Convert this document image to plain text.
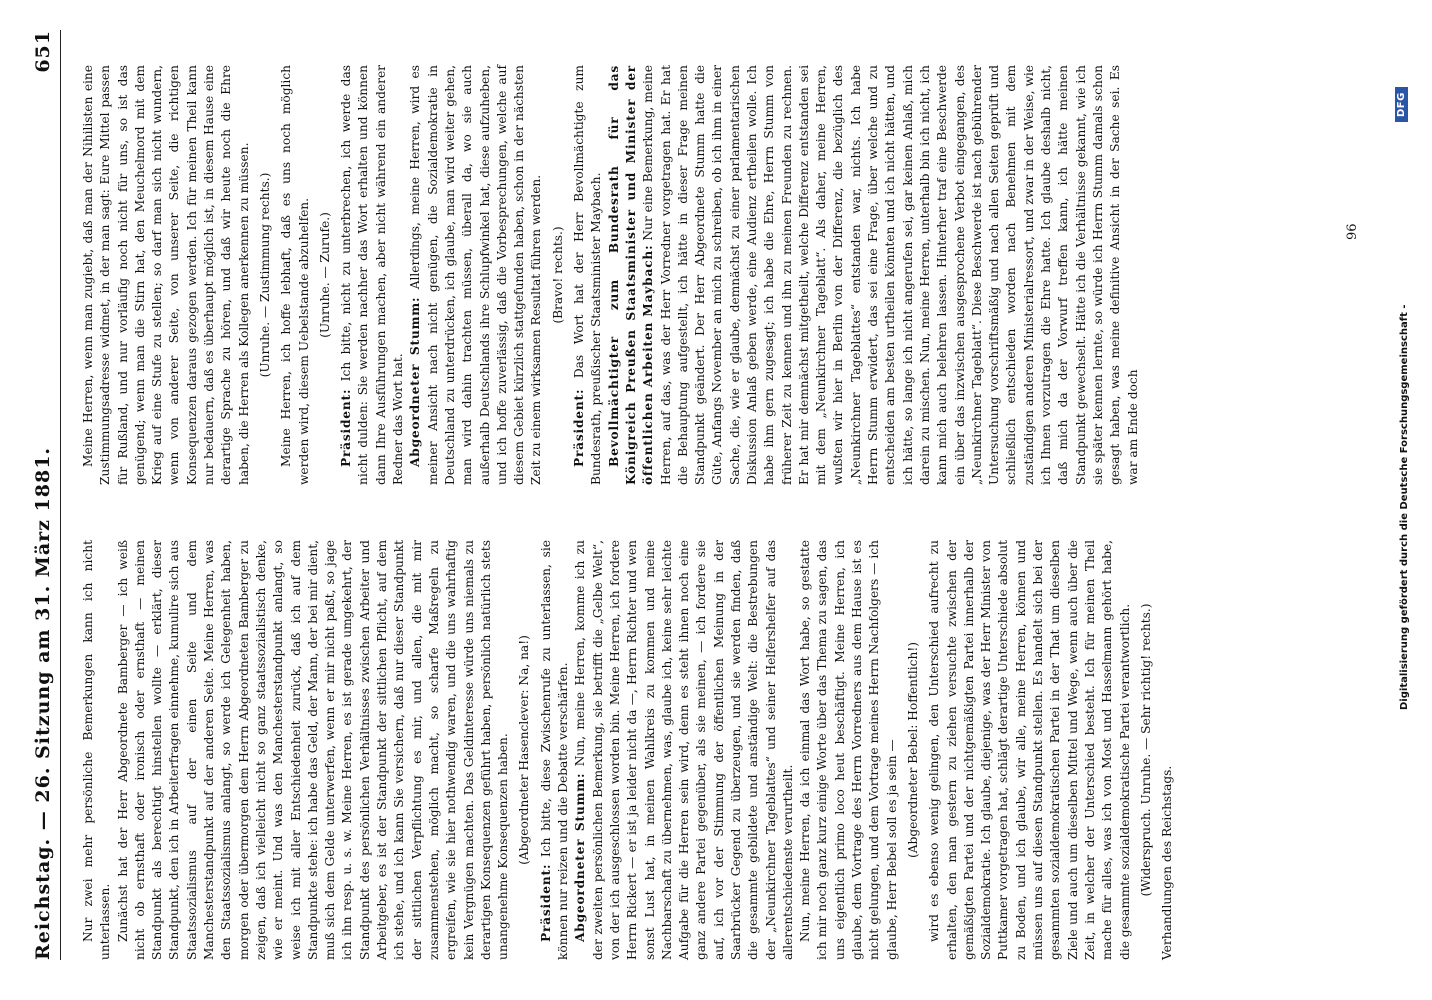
Reichstag. — 26. Sitzung am 31. März 1881.
651

Nur zwei mehr persönliche Bemerkungen kann ich nicht unterlassen. Zunächst hat der Herr Abgeordnete Bamberger — ich weiß nicht ob ernsthaft oder ironisch oder ernsthaft — meinen Standpunkt als berechtigt hinstellen wollte — erklärt, dieser Standpunkt, den ich in Arbeiterfragen einnehme, kumulire sich aus Staatssozialismus auf der einen Seite und dem Manchesterstandpunkt auf der anderen Seite. Meine Herren, was den Staatssozialismus anlangt, so werde ich Gelegenheit haben, morgen oder übermorgen dem Herrn Abgeordneten Bamberger zu zeigen, daß ich vielleicht nicht so ganz staatssozialistisch denke, wie er meint. Und was den Manchesterstandpunkt anlangt, so weise ich mit aller Entschiedenheit zurück, daß ich auf dem Standpunkte stehe: ich habe das Geld, der Mann, der bei mir dient, muß sich dem Gelde unterwerfen, wenn er mir nicht paßt, so jage ich ihn resp. u. s. w. Meine Herren, es ist gerade umgekehrt, der Standpunkt des persönlichen Verhältnisses zwischen Arbeiter und Arbeitgeber, es ist der Standpunkt der sittlichen Pflicht, auf dem ich stehe, und ich kann Sie versichern, daß nur dieser Standpunkt der sittlichen Verpflichtung es mir, und allen, die mit mir zusammenstehen, möglich macht, so scharfe Maßregeln zu ergreifen, wie sie hier nothwendig waren, und die uns wahrhaftig kein Vergnügen machten. Das Geldinteresse würde uns niemals zu derartigen Konsequenzen geführt haben, persönlich natürlich stets unangenehme Konsequenzen haben. (Abgeordneter Hasenclever: Na, na!)

Präsident: Ich bitte, diese Zwischenrufe zu unterlassen, sie können nur reizen und die Debatte verschärfen. Abgeordneter Stumm: Nun, meine Herren, komme ich zu der zweiten persönlichen Bemerkung, sie betrifft die „Gelbe Welt“, von der ich ausgeschlossen worden bin. Meine Herren, ich fordere Herrn Rickert — er ist ja leider nicht da —, Herrn Richter und wen sonst Lust hat, in meinen Wahlkreis zu kommen und meine Nachbarschaft zu übernehmen, was, glaube ich, keine sehr leichte Aufgabe für die Herren sein wird, denn es steht ihnen noch eine ganz andere Partei gegenüber, als sie meinen, — ich fordere sie auf, ich vor der Stimmung der öffentlichen Meinung in der Saarbrücker Gegend zu überzeugen, und sie werden finden, daß die gesammte gebildete und anständige Welt: die Bestrebungen der „Neunkirchner Tageblattes“ und seiner Helfershelfer auf das allerentschiedenste verurtheilt. Nun, meine Herren, da ich einmal das Wort habe, so gestatte ich mir noch ganz kurz einige Worte über das Thema zu sagen, das uns eigentlich primo loco heut beschäftigt. Meine Herren, ich glaube, dem Vortrage des Herrn Vorredners aus dem Hause ist es nicht gelungen, und dem Vortrage meines Herrn Nachfolgers — ich glaube, Herr Bebel soll es ja sein — (Abgeordneter Bebel: Hoffentlich!) wird es ebenso wenig gelingen, den Unterschied aufrecht zu erhalten, den man gestern zu ziehen versuchte zwischen der gemäßigten Partei und der nichtgemäßigten Partei innerhalb der Sozialdemokratie. Ich glaube, diejenige, was der Herr Minister von Puttkamer vorgetragen hat, schlägt derartige Unterschiede absolut zu Boden, und ich glaube, wir alle, meine Herren, können und müssen uns auf diesen Standpunkt stellen. Es handelt sich bei der gesammten sozialdemokratischen Partei in der That um dieselben Ziele und auch um dieselben Mittel und Wege, wenn auch über die Zeit, in welcher der Unterschied besteht. Ich für meinen Theil mache für alles, was ich von Most und Hasselmann gehört habe, die gesammte sozialdemokratische Partei verantwortlich. (Widerspruch. Unruhe. — Sehr richtig! rechts.) Verhandlungen des Reichstags.

Meine Herren, wenn man zugiebt, daß man der Nihilisten eine Zustimmungsadresse widmet, in der man sagt: Eure Mittel passen für Rußland, und nur vorläufig noch nicht für uns, so ist das genügend; wenn man die Stirn hat, den Meuchelmord mit dem Krieg auf eine Stufe zu stellen; so darf man sich nicht wundern, wenn von anderer Seite, von unserer Seite, die richtigen Konsequenzen daraus gezogen werden. Ich für meinen Theil kann nur bedauern, daß es überhaupt möglich ist, in diesem Hause eine derartige Sprache zu hören, und daß wir heute noch die Ehre haben, die Herren als Kollegen anerkennen zu müssen. (Unruhe. — Zustimmung rechts.) Meine Herren, ich hoffe lebhaft, daß es uns noch möglich werden wird, diesem Uebelstande abzuhelfen. (Unruhe. — Zurufe.)

Präsident: Ich bitte, nicht zu unterbrechen, ich werde das nicht dulden: Sie werden nachher das Wort erhalten und können dann Ihre Ausführungen machen, aber nicht während ein anderer Redner das Wort hat. Abgeordneter Stumm: Allerdings, meine Herren, wird es meiner Ansicht nach nicht genügen, die Sozialdemokratie in Deutschland zu unterdrücken, ich glaube, man wird weiter gehen, man wird dahin trachten müssen, überall da, wo sie auch außerhalb Deutschlands ihre Schlupfwinkel hat, diese aufzuheben, und ich hoffe zuverlässig, daß die Vorbesprechungen, welche auf diesem Gebiet kürzlich stattgefunden haben, schon in der nächsten Zeit zu einem wirksamen Resultat führen werden. (Bravo! rechts.)

Präsident: Das Wort hat der Herr Bevollmächtigte zum Bundesrath, preußischer Staatsminister Maybach. Bevollmächtigter zum Bundesrath für das Königreich Preußen Staatsminister und Minister der öffentlichen Arbeiten Maybach: Nur eine Bemerkung, meine Herren, auf das, was der Herr Vorredner vorgetragen hat. Er hat die Behauptung aufgestellt, ich hätte in dieser Frage meinen Standpunkt geändert. Der Herr Abgeordnete Stumm hatte die Güte, Anfangs November an mich zu schreiben, ob ich ihm in einer Sache, die, wie er glaube, demnächst zu einer parlamentarischen Diskussion Anlaß geben werde, eine Audienz ertheilen wolle. Ich habe ihm gern zugesagt; ich habe die Ehre, Herrn Stumm von früherer Zeit zu kennen und ihn zu meinen Freunden zu rechnen. Er hat mir demnächst mitgetheilt, welche Differenz entstanden sei mit dem „Neunkirchner Tageblatt“. Als daher, meine Herren, wußten wir hier in Berlin von der Differenz, die bezüglich des „Neunkirchner Tageblattes“ entstanden war, nichts. Ich habe Herrn Stumm erwidert, das sei eine Frage, über welche und zu entscheiden am besten urtheilen könnten und ich nicht hätten, und ich hätte, so lange ich nicht angerufen sei, gar keinen Anlaß, mich darein zu mischen. Nun, meine Herren, unterhalb bin ich nicht, ich kann mich auch belehren lassen. Hinterher traf eine Beschwerde ein über das inzwischen ausgesprochene Verbot eingegangen, des „Neunkirchner Tageblatt“. Diese Beschwerde ist nach gebührender Untersuchung vorschriftsmäßig und nach allen Seiten geprüft und schließlich entschieden worden nach Benehmen mit dem zuständigen anderen Ministerialressort, und zwar in der Weise, wie ich Ihnen vorzutragen die Ehre hatte. Ich glaube deshalb nicht, daß mich da der Vorwurf treffen kann, ich hätte meinen Standpunkt gewechselt. Hätte ich die Verhältnisse gekannt, wie ich sie später kennen lernte, so würde ich Herrn Stumm damals schon gesagt haben, was meine definitive Ansicht in der Sache sei. Es war am Ende doch

96
Digitalisierung gefördert durch die Deutsche Forschungsgemeinschaft -
DFG
